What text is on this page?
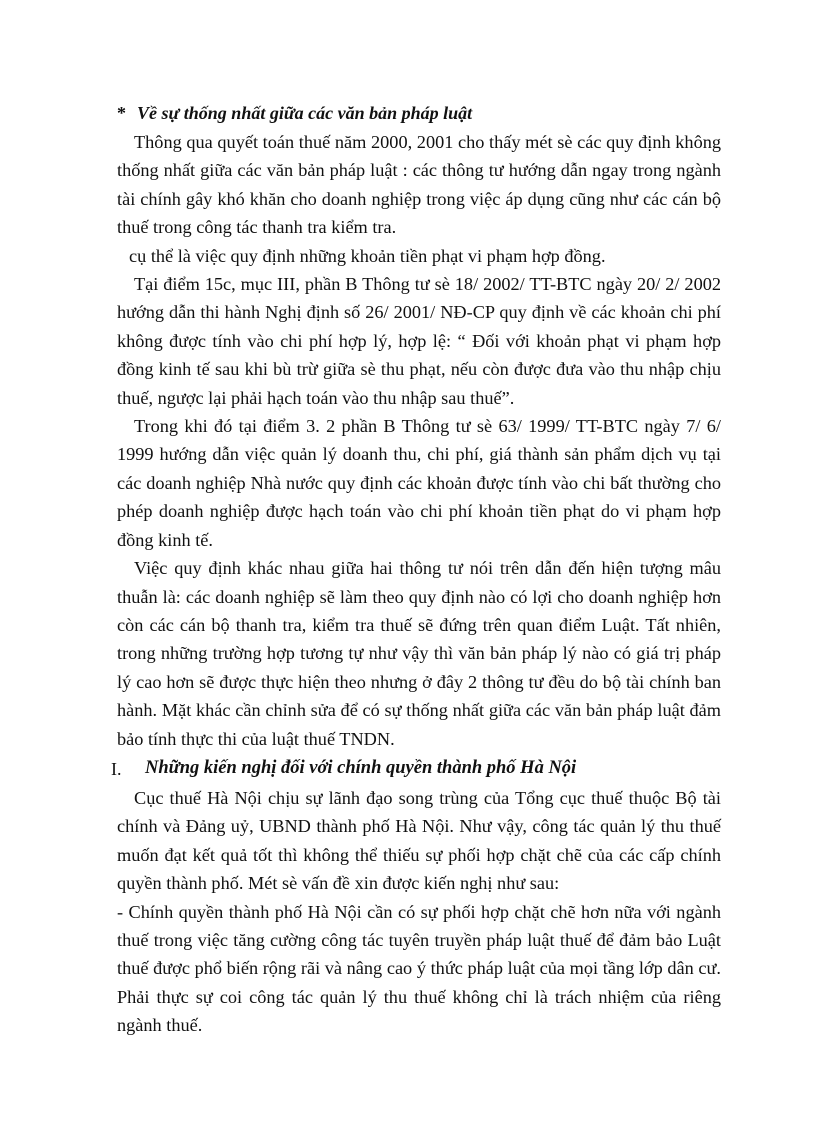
* Về sự thống nhất giữa các văn bản pháp luật

Thông qua quyết toán thuế năm 2000, 2001 cho thấy mét sè các quy định không thống nhất giữa các văn bản pháp luật : các thông tư hướng dẫn ngay trong ngành tài chính gây khó khăn cho doanh nghiệp trong việc áp dụng cũng như các cán bộ thuế trong công tác thanh tra kiểm tra.

cụ thể là việc quy định những khoản tiền phạt vi phạm hợp đồng.

Tại điểm 15c, mục III, phần B Thông tư sè 18/ 2002/ TT-BTC ngày 20/ 2/ 2002 hướng dẫn thi hành Nghị định số 26/ 2001/ NĐ-CP quy định về các khoản chi phí không được tính vào chi phí hợp lý, hợp lệ: “ Đối với khoản phạt vi phạm hợp đồng kinh tế sau khi bù trừ giữa sè thu phạt, nếu còn được đưa vào thu nhập chịu thuế, ngược lại phải hạch toán vào thu nhập sau thuế”.

Trong khi đó tại điểm 3. 2 phần B Thông tư sè 63/ 1999/ TT-BTC ngày 7/ 6/ 1999 hướng dẫn việc quản lý doanh thu, chi phí, giá thành sản phẩm dịch vụ tại các doanh nghiệp Nhà nước quy định các khoản được tính vào chi bất thường cho phép doanh nghiệp được hạch toán vào chi phí khoản tiền phạt do vi phạm hợp đồng kinh tế.

Việc quy định khác nhau giữa hai thông tư nói trên dẫn đến hiện tượng mâu thuẫn là: các doanh nghiệp sẽ làm theo quy định nào có lợi cho doanh nghiệp hơn còn các cán bộ thanh tra, kiểm tra thuế sẽ đứng trên quan điểm Luật. Tất nhiên, trong những trường hợp tương tự như vậy thì văn bản pháp lý nào có giá trị pháp lý cao hơn sẽ được thực hiện theo nhưng ở đây 2 thông tư đều do bộ tài chính ban hành. Mặt khác cần chỉnh sửa để có sự thống nhất giữa các văn bản pháp luật đảm bảo tính thực thi của luật thuế TNDN.

I. Những kiến nghị đối với chính quyền thành phố Hà Nội

Cục thuế Hà Nội chịu sự lãnh đạo song trùng của Tổng cục thuế thuộc Bộ tài chính và Đảng uỷ, UBND thành phố Hà Nội. Như vậy, công tác quản lý thu thuế muốn đạt kết quả tốt thì không thể thiếu sự phối hợp chặt chẽ của các cấp chính quyền thành phố. Mét sè vấn đề xin được kiến nghị như sau:

- Chính quyền thành phố Hà Nội cần có sự phối hợp chặt chẽ hơn nữa với ngành thuế trong việc tăng cường công tác tuyên truyền pháp luật thuế để đảm bảo Luật thuế được phổ biến rộng rãi và nâng cao ý thức pháp luật của mọi tầng lớp dân cư. Phải thực sự coi công tác quản lý thu thuế không chỉ là trách nhiệm của riêng ngành thuế.
